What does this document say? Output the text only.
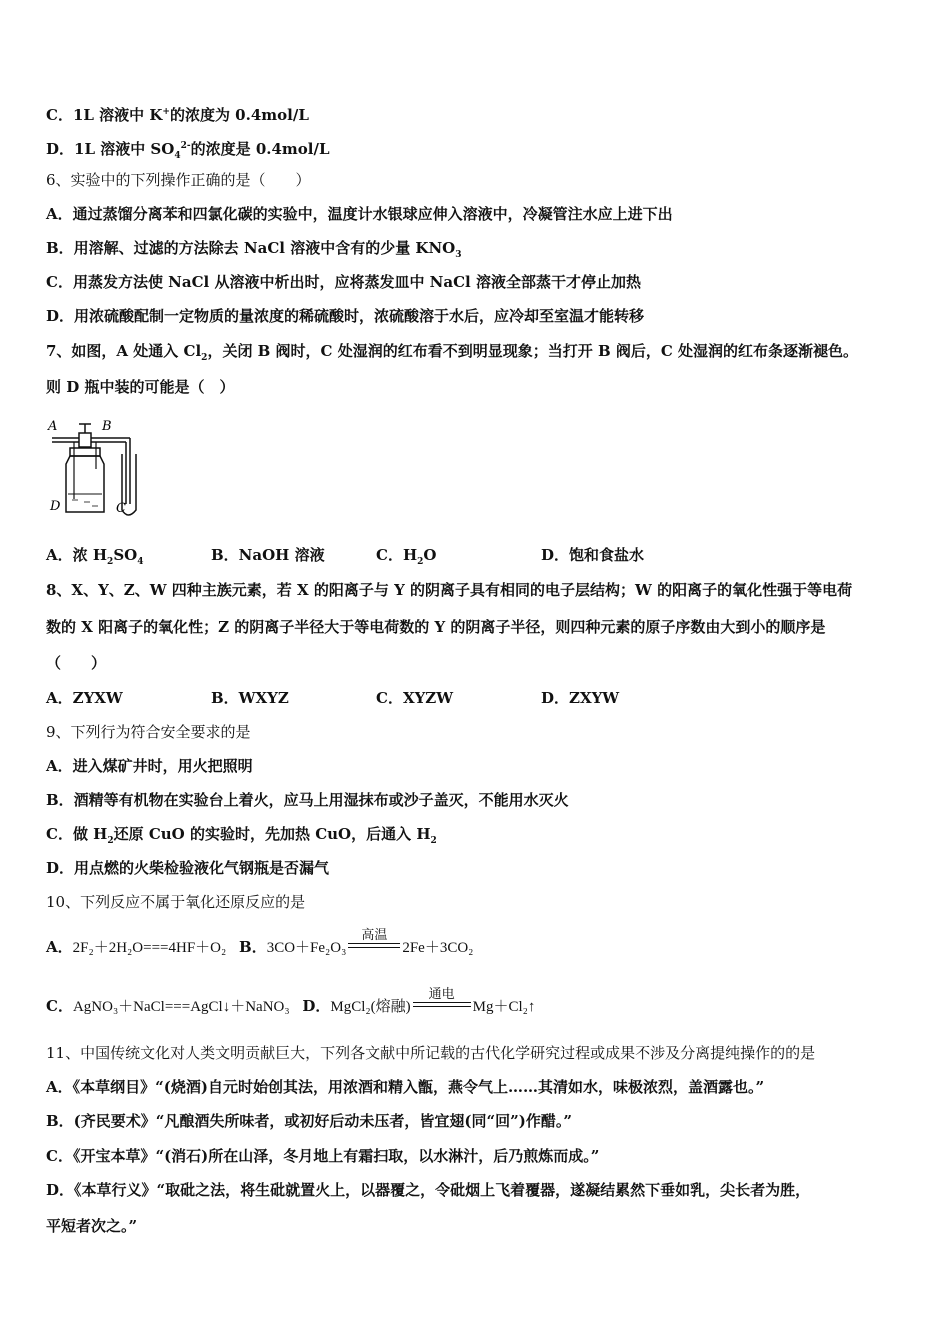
C．1L 溶液中 K+的浓度为 0.4mol/L
D．1L 溶液中 $SO_4^{2-}$的浓度是 0.4mol/L
6、实验中的下列操作正确的是（　　）
A．通过蒸馏分离苯和四氯化碳的实验中，温度计水银球应伸入溶液中，冷凝管注水应上进下出
B．用溶解、过滤的方法除去 NaCl 溶液中含有的少量 $KNO_3$
C．用蒸发方法使 NaCl 从溶液中析出时，应将蒸发皿中 NaCl 溶液全部蒸干才停止加热
D．用浓硫酸配制一定物质的量浓度的稀硫酸时，浓硫酸溶于水后，应冷却至室温才能转移
7、如图，A 处通入 $Cl_2$，关闭 B 阀时，C 处湿润的红布看不到明显现象；当打开 B 阀后，C 处湿润的红布条逐渐褪色。
则 D 瓶中装的可能是（　）
A	B
D	C
A．浓 $H_2SO_4$	B．NaOH 溶液	C．$H_2O$	D．饱和食盐水
8、X、Y、Z、W 四种主族元素，若 X 的阳离子与 Y 的阴离子具有相同的电子层结构；W 的阳离子的氧化性强于等电荷
数的 X 阳离子的氧化性；Z 的阴离子半径大于等电荷数的 Y 的阴离子半径，则四种元素的原子序数由大到小的顺序是
（　　）
A．ZYXW	B．WXYZ	C．XYZW	D．ZXYW
9、下列行为符合安全要求的是
A．进入煤矿井时，用火把照明
B．酒精等有机物在实验台上着火，应马上用湿抹布或沙子盖灭，不能用水灭火
C．做 $H_2$还原 CuO 的实验时，先加热 CuO，后通入 $H_2$
D．用点燃的火柴检验液化气钢瓶是否漏气
10、下列反应不属于氧化还原反应的是
A．2F₂＋2H₂O===4HF＋O₂ B．3CO＋Fe₂O₃
高温
2Fe＋3CO₂
C．AgNO₃＋NaCl===AgCl↓＋NaNO₃ D．MgCl₂(熔融)
通电
Mg＋Cl₂↑
11、中国传统文化对人类文明贡献巨大，下列各文献中所记载的古代化学研究过程或成果不涉及分离提纯操作的的是
A．《本草纲目》“(烧酒)自元时始创其法，用浓酒和精入甑，燕令气上……其清如水，味极浓烈，盖酒露也。”
B．(齐民要术》“凡酿酒失所味者，或初好后动未压者，皆宜翅(同“回”)作醋。”
C．《开宝本草》“(消石)所在山泽，冬月地上有霜扫取，以水淋汁，后乃煎炼而成。”
D．《本草行义》“取砒之法，将生砒就置火上，以器覆之，令砒烟上飞着覆器，遂凝结累然下垂如乳，尖长者为胜，
平短者次之。”
